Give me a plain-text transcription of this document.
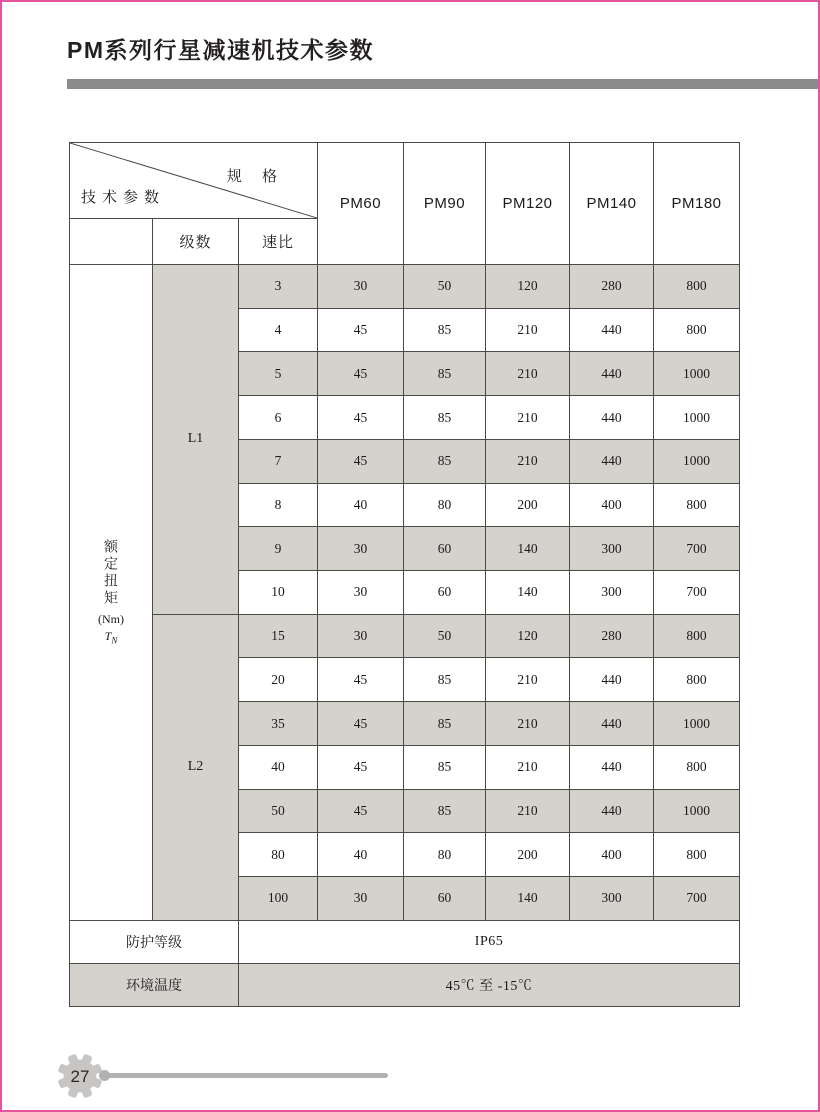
PM系列行星减速机技术参数
规 格
技术参数			PM60	PM90	PM120	PM140	PM180
	级数	速比					

额定扭矩
(Nm)
$T_N$	L1	3	30	50	120	280	800
		4	45	85	210	440	800
		5	45	85	210	440	1000
		6	45	85	210	440	1000
		7	45	85	210	440	1000
		8	40	80	200	400	800
		9	30	60	140	300	700
		10	30	60	140	300	700
	L2	15	30	50	120	280	800
		20	45	85	210	440	800
		35	45	85	210	440	1000
		40	45	85	210	440	800
		50	45	85	210	440	1000
		80	40	80	200	400	800
		100	30	60	140	300	700
防护等级		IP65					
环境温度		45℃ 至 -15℃					
27
